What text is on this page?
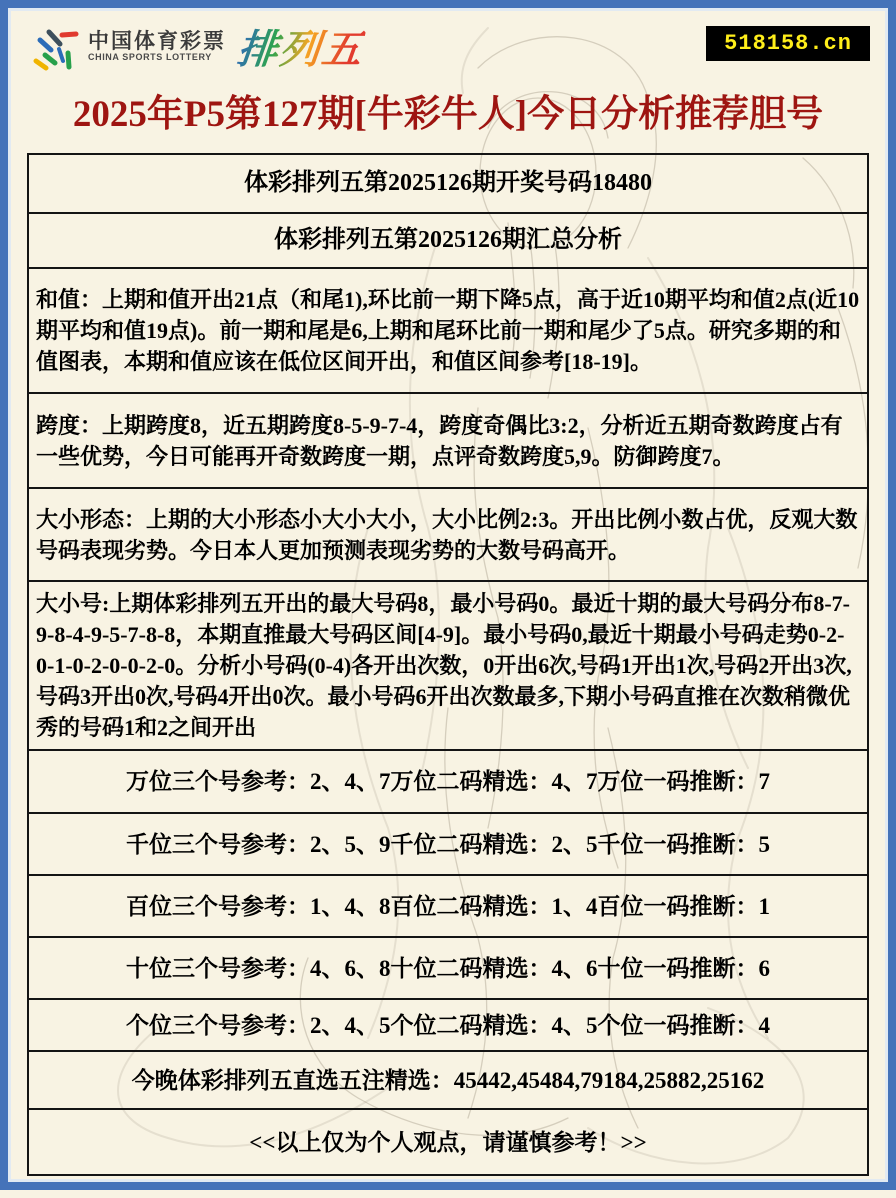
中国体育彩票
CHINA SPORTS LOTTERY 排列五	518158.cn
2025年P5第127期[牛彩牛人]今日分析推荐胆号
体彩排列五第2025126期开奖号码18480
体彩排列五第2025126期汇总分析
和值：上期和值开出21点（和尾1),环比前一期下降5点，高于近10期平均和值2点(近10期平均和值19点)。前一期和尾是6,上期和尾环比前一期和尾少了5点。研究多期的和值图表，本期和值应该在低位区间开出，和值区间参考[18-19]。
跨度：上期跨度8，近五期跨度8-5-9-7-4，跨度奇偶比3:2，分析近五期奇数跨度占有一些优势，今日可能再开奇数跨度一期，点评奇数跨度5,9。防御跨度7。
大小形态：上期的大小形态小大小大小，大小比例2:3。开出比例小数占优，反观大数号码表现劣势。今日本人更加预测表现劣势的大数号码高开。
大小号:上期体彩排列五开出的最大号码8，最小号码0。最近十期的最大号码分布8-7-9-8-4-9-5-7-8-8，本期直推最大号码区间[4-9]。最小号码0,最近十期最小号码走势0-2-0-1-0-2-0-0-2-0。分析小号码(0-4)各开出次数，0开出6次,号码1开出1次,号码2开出3次,号码3开出0次,号码4开出0次。最小号码6开出次数最多,下期小号码直推在次数稍微优秀的号码1和2之间开出
万位三个号参考：2、4、7万位二码精选：4、7万位一码推断：7
千位三个号参考：2、5、9千位二码精选：2、5千位一码推断：5
百位三个号参考：1、4、8百位二码精选：1、4百位一码推断：1
十位三个号参考：4、6、8十位二码精选：4、6十位一码推断：6
个位三个号参考：2、4、5个位二码精选：4、5个位一码推断：4
今晚体彩排列五直选五注精选：45442,45484,79184,25882,25162
<<以上仅为个人观点，请谨慎参考！>>
